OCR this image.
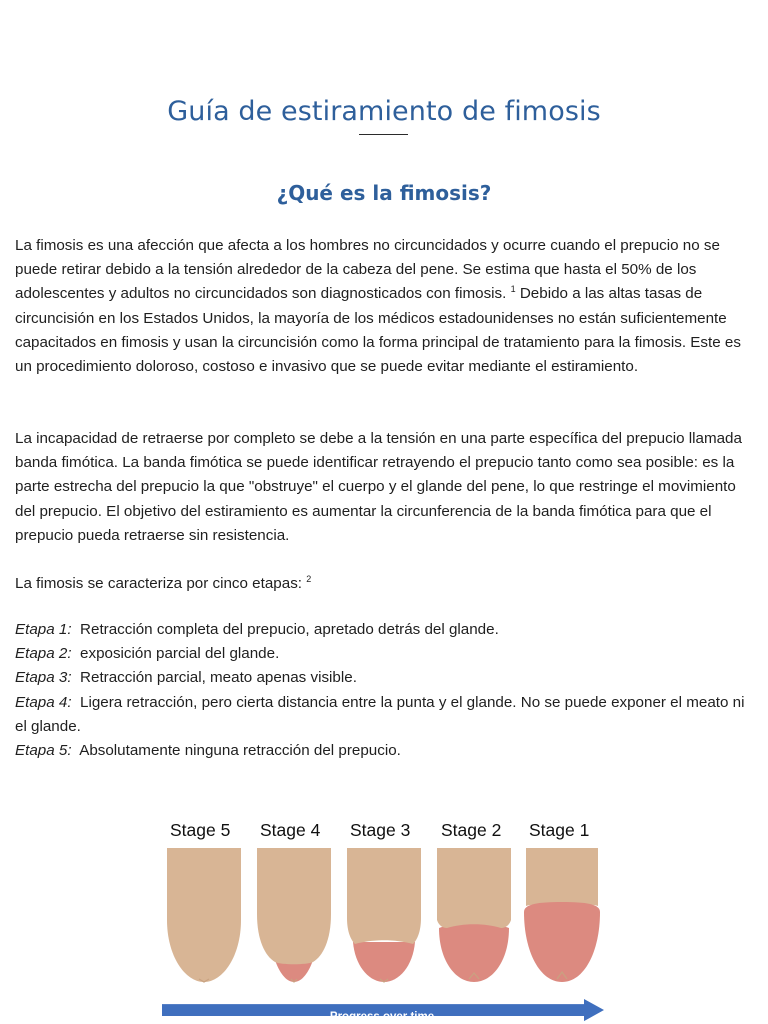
Guía de estiramiento de fimosis
¿Qué es la fimosis?

La fimosis es una afección que afecta a los hombres no circuncidados y ocurre cuando el prepucio no se puede retirar debido a la tensión alrededor de la cabeza del pene. Se estima que hasta el 50% de los adolescentes y adultos no circuncidados son diagnosticados con fimosis. $^1$ Debido a las altas tasas de circuncisión en los Estados Unidos, la mayoría de los médicos estadounidenses no están suficientemente capacitados en fimosis y usan la circuncisión como la forma principal de tratamiento para la fimosis. Este es un procedimiento doloroso, costoso e invasivo que se puede evitar mediante el estiramiento.

La incapacidad de retraerse por completo se debe a la tensión en una parte específica del prepucio llamada banda fimótica. La banda fimótica se puede identificar retrayendo el prepucio tanto como sea posible: es la parte estrecha del prepucio la que "obstruye" el cuerpo y el glande del pene, lo que restringe el movimiento del prepucio. El objetivo del estiramiento es aumentar la circunferencia de la banda fimótica para que el prepucio pueda retraerse sin resistencia.

La fimosis se caracteriza por cinco etapas: $^2$

Etapa 1: Retracción completa del prepucio, apretado detrás del glande.
Etapa 2: exposición parcial del glande.
Etapa 3: Retracción parcial, meato apenas visible.
Etapa 4: Ligera retracción, pero cierta distancia entre la punta y el glande. No se puede exponer el meato ni el glande.
Etapa 5: Absolutamente ninguna retracción del prepucio.
Stage 5 Stage 4 Stage 3 Stage 2 Stage 1
Progress over time
